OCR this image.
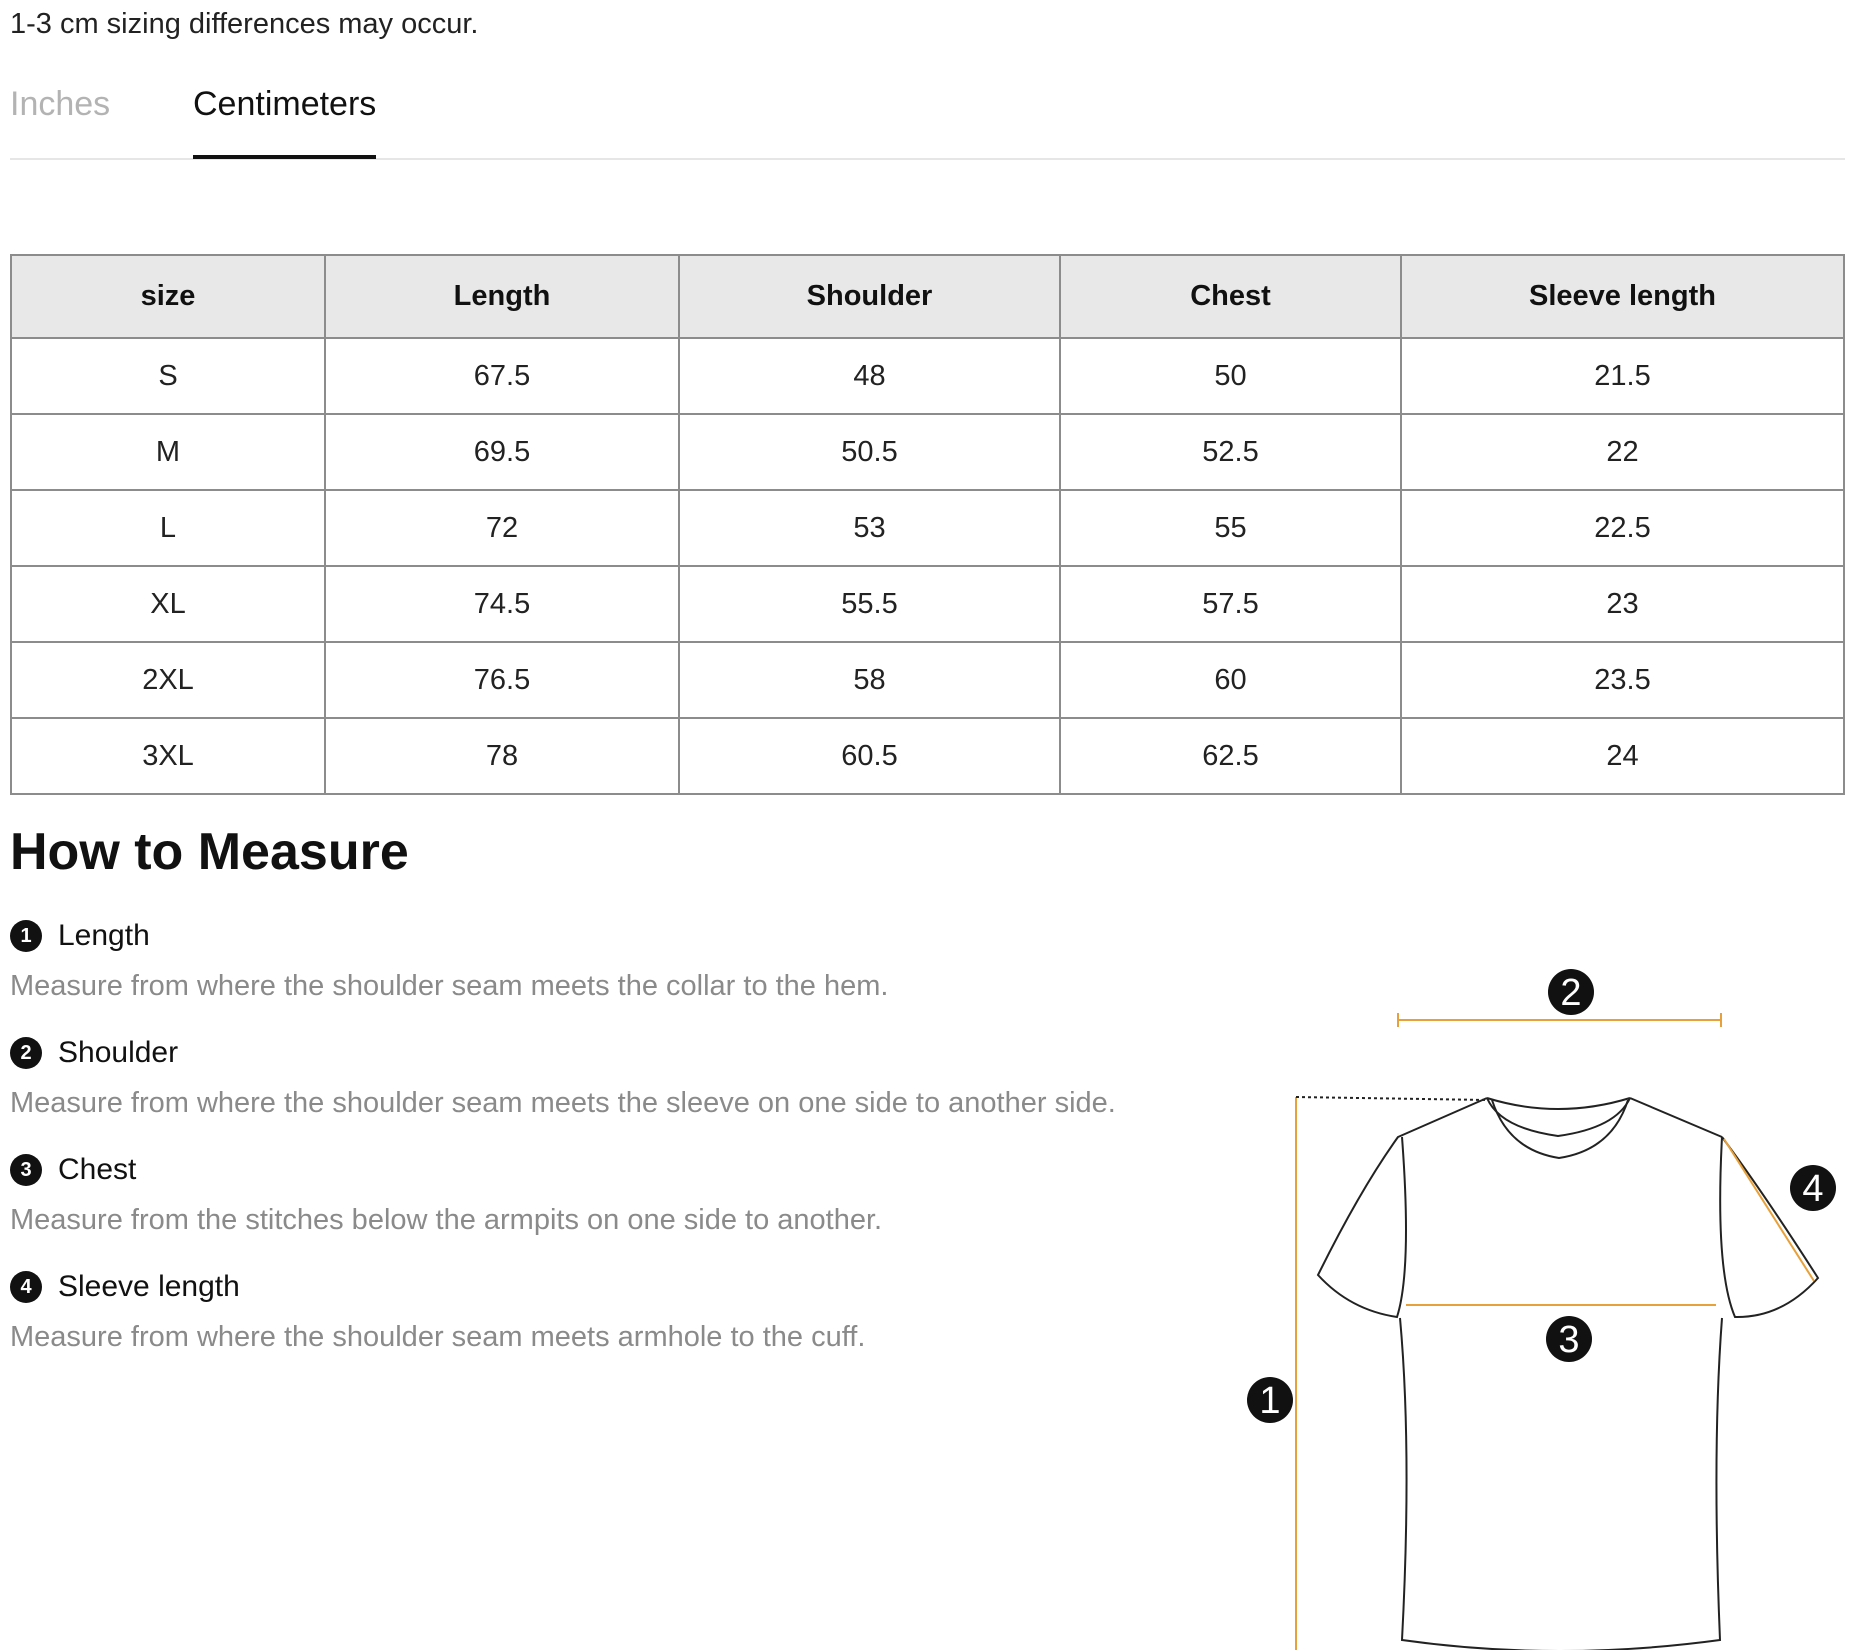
1-3 cm sizing differences may occur.
Inches Centimeters
size	Length	Shoulder	Chest	Sleeve length
S	67.5	48	50	21.5
M	69.5	50.5	52.5	22
L	72	53	55	22.5
XL	74.5	55.5	57.5	23
2XL	76.5	58	60	23.5
3XL	78	60.5	62.5	24
How to Measure
1 Length
Measure from where the shoulder seam meets the collar to the hem.
2 Shoulder
Measure from where the shoulder seam meets the sleeve on one side to another side.
3 Chest
Measure from the stitches below the armpits on one side to another.
4 Sleeve length
Measure from where the shoulder seam meets armhole to the cuff.
2
3
4
1
